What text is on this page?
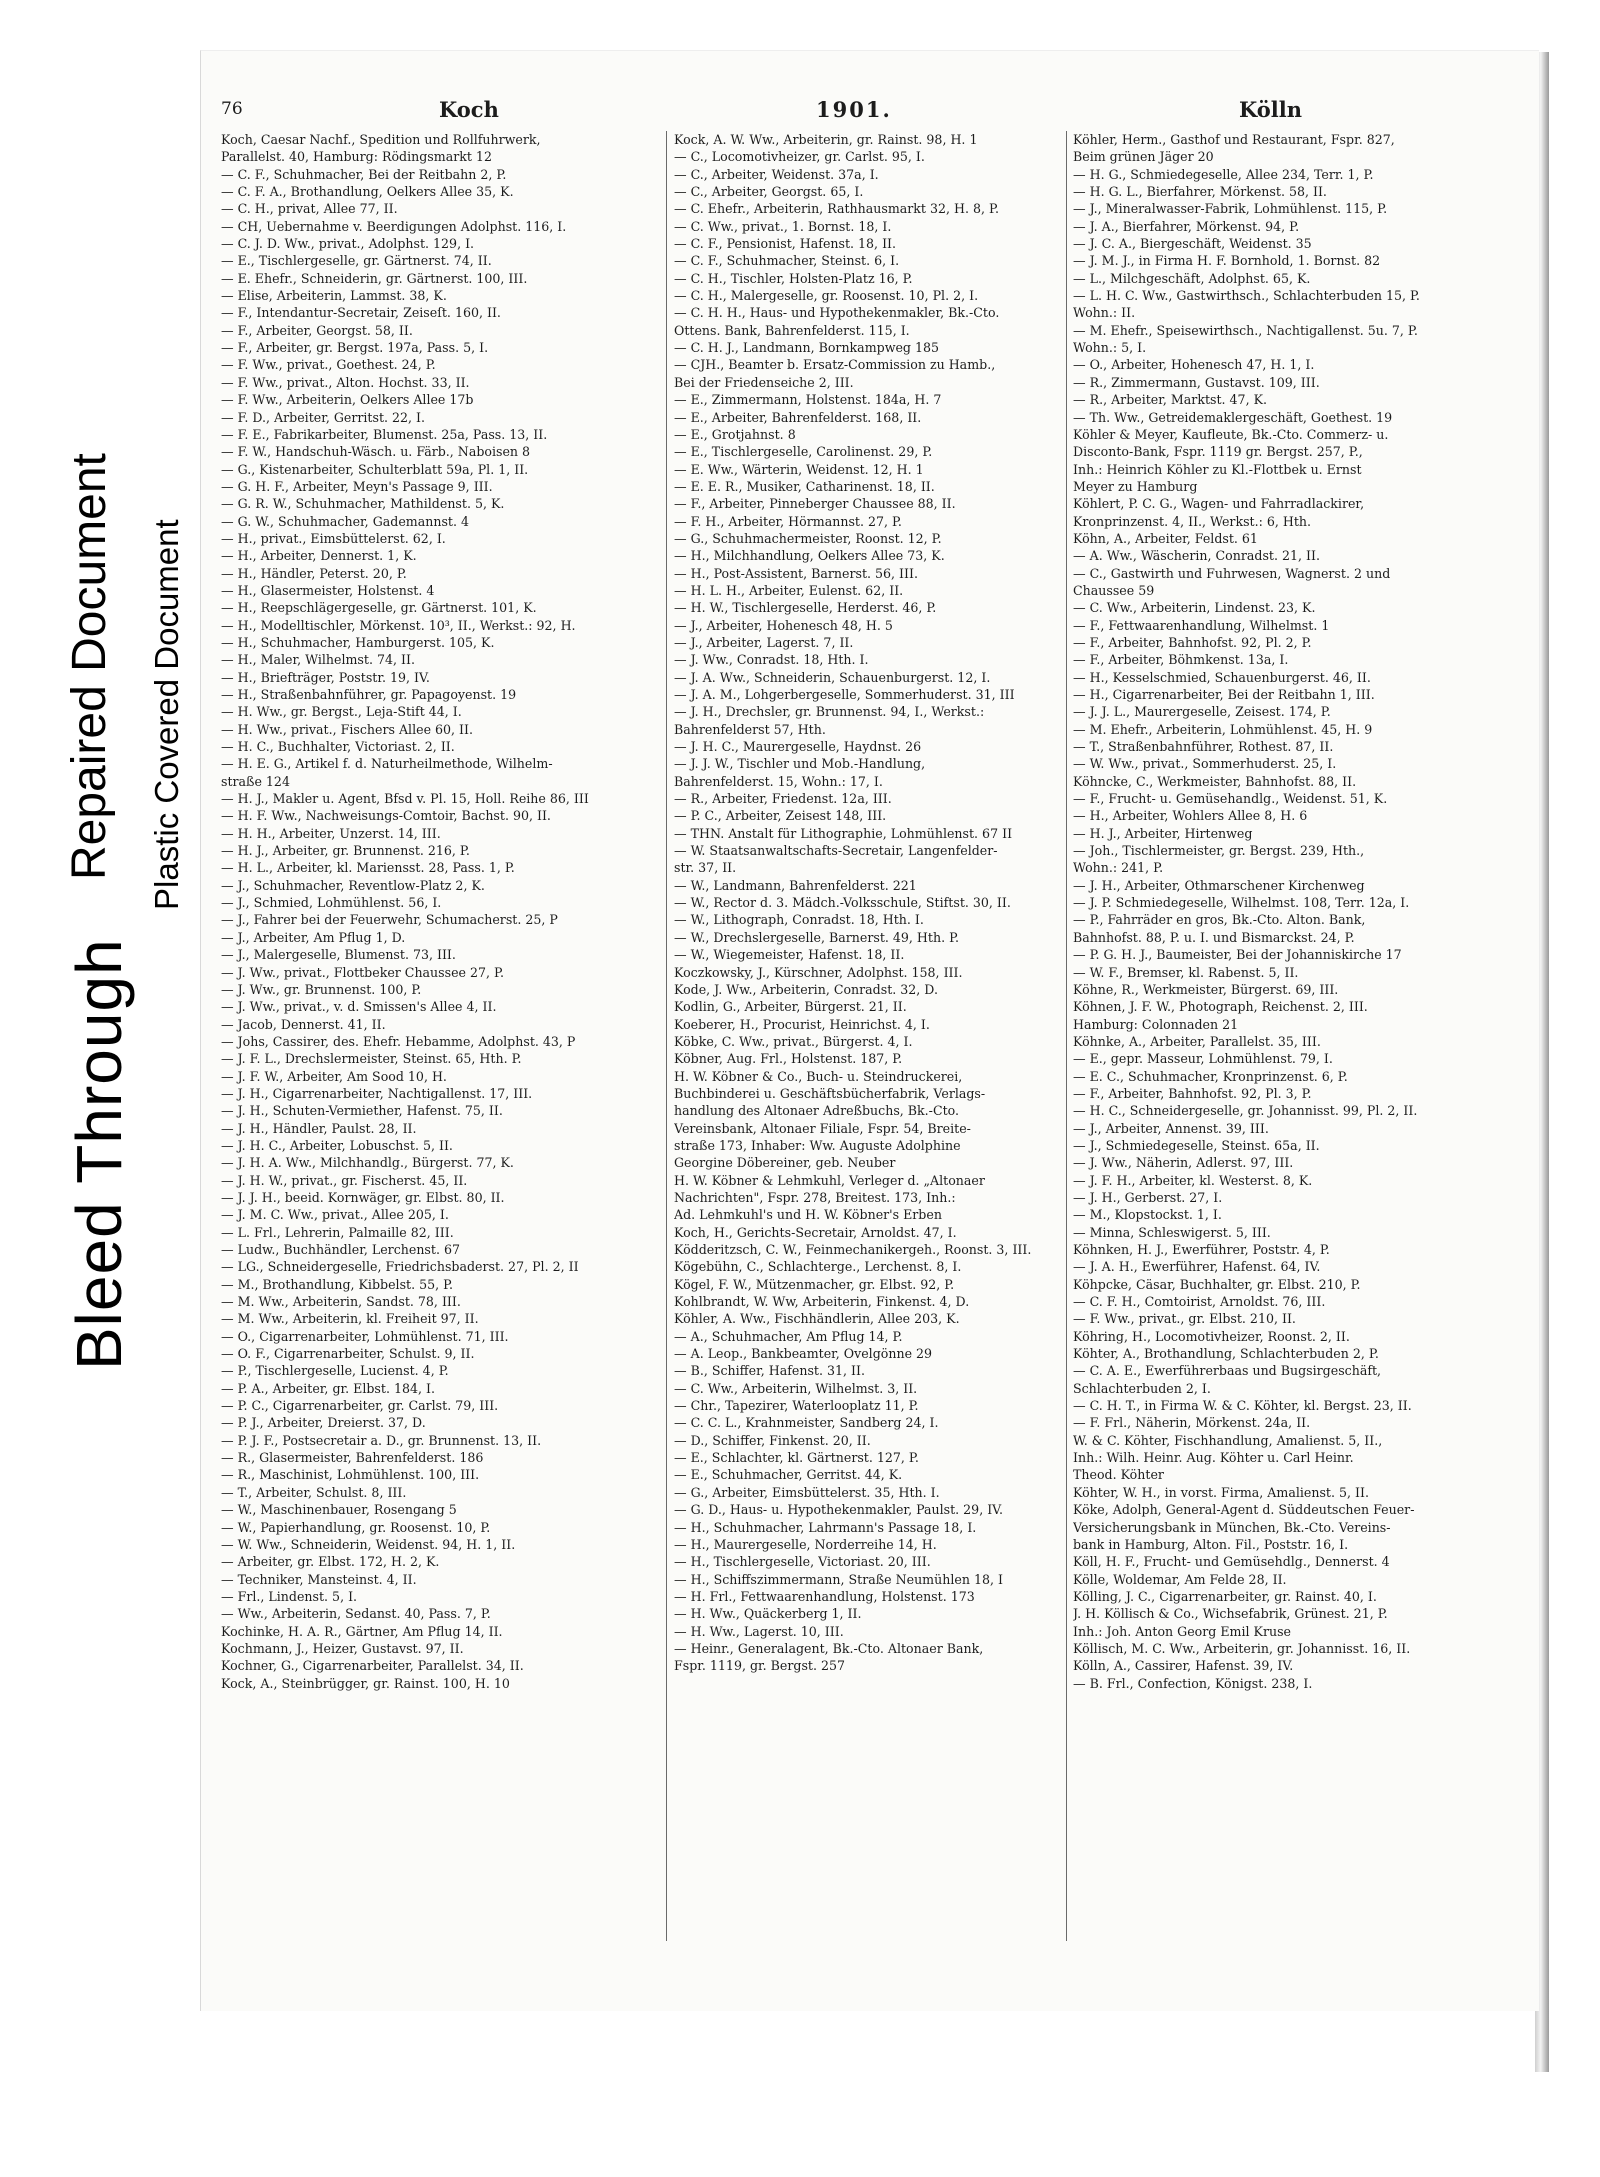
Bleed Through
Repaired Document Plastic Covered Document
76	Koch	1901.	Kölln

Koch, Caesar Nachf., Spedition und Rollfuhrwerk,

Parallelst. 40, Hamburg: Rödingsmarkt 12

— C. F., Schuhmacher, Bei der Reitbahn 2, P.

— C. F. A., Brothandlung, Oelkers Allee 35, K.

— C. H., privat, Allee 77, II.

— CH, Uebernahme v. Beerdigungen Adolphst. 116, I.

— C. J. D. Ww., privat., Adolphst. 129, I.

— E., Tischlergeselle, gr. Gärtnerst. 74, II.

— E. Ehefr., Schneiderin, gr. Gärtnerst. 100, III.

— Elise, Arbeiterin, Lammst. 38, K.

— F., Intendantur-Secretair, Zeiseſt. 160, II.

— F., Arbeiter, Georgst. 58, II.

— F., Arbeiter, gr. Bergst. 197a, Pass. 5, I.

— F. Ww., privat., Goethest. 24, P.

— F. Ww., privat., Alton. Hochst. 33, II.

— F. Ww., Arbeiterin, Oelkers Allee 17b

— F. D., Arbeiter, Gerritst. 22, I.

— F. E., Fabrikarbeiter, Blumenst. 25a, Pass. 13, II.

— F. W., Handschuh-Wäsch. u. Färb., Naboisen 8

— G., Kistenarbeiter, Schulterblatt 59a, Pl. 1, II.

— G. H. F., Arbeiter, Meyn's Passage 9, III.

— G. R. W., Schuhmacher, Mathildenst. 5, K.

— G. W., Schuhmacher, Gademannst. 4

— H., privat., Eimsbüttelerst. 62, I.

— H., Arbeiter, Dennerst. 1, K.

— H., Händler, Peterst. 20, P.

— H., Glasermeister, Holstenst. 4

— H., Reepschlägergeselle, gr. Gärtnerst. 101, K.

— H., Modelltischler, Mörkenst. 10³, II., Werkst.: 92, H.

— H., Schuhmacher, Hamburgerst. 105, K.

— H., Maler, Wilhelmst. 74, II.

— H., Briefträger, Poststr. 19, IV.

— H., Straßenbahnführer, gr. Papagoyenst. 19

— H. Ww., gr. Bergst., Leja-Stift 44, I.

— H. Ww., privat., Fischers Allee 60, II.

— H. C., Buchhalter, Victoriast. 2, II.

— H. E. G., Artikel f. d. Naturheilmethode, Wilhelm-

straße 124

— H. J., Makler u. Agent, Bfsd v. Pl. 15, Holl. Reihe 86, III

— H. F. Ww., Nachweisungs-Comtoir, Bachst. 90, II.

— H. H., Arbeiter, Unzerst. 14, III.

— H. J., Arbeiter, gr. Brunnenst. 216, P.

— H. L., Arbeiter, kl. Mariensst. 28, Pass. 1, P.

— J., Schuhmacher, Reventlow-Platz 2, K.

— J., Schmied, Lohmühlenst. 56, I.

— J., Fahrer bei der Feuerwehr, Schumacherst. 25, P

— J., Arbeiter, Am Pflug 1, D.

— J., Malergeselle, Blumenst. 73, III.

— J. Ww., privat., Flottbeker Chaussee 27, P.

— J. Ww., gr. Brunnenst. 100, P.

— J. Ww., privat., v. d. Smissen's Allee 4, II.

— Jacob, Dennerst. 41, II.

— Johs, Cassirer, des. Ehefr. Hebamme, Adolphst. 43, P

— J. F. L., Drechslermeister, Steinst. 65, Hth. P.

— J. F. W., Arbeiter, Am Sood 10, H.

— J. H., Cigarrenarbeiter, Nachtigallenst. 17, III.

— J. H., Schuten-Vermiether, Hafenst. 75, II.

— J. H., Händler, Paulst. 28, II.

— J. H. C., Arbeiter, Lobuschst. 5, II.

— J. H. A. Ww., Milchhandlg., Bürgerst. 77, K.

— J. H. W., privat., gr. Fischerst. 45, II.

— J. J. H., beeid. Kornwäger, gr. Elbst. 80, II.

— J. M. C. Ww., privat., Allee 205, I.

— L. Frl., Lehrerin, Palmaille 82, III.

— Ludw., Buchhändler, Lerchenst. 67

— LG., Schneidergeselle, Friedrichsbaderst. 27, Pl. 2, II

— M., Brothandlung, Kibbelst. 55, P.

— M. Ww., Arbeiterin, Sandst. 78, III.

— M. Ww., Arbeiterin, kl. Freiheit 97, II.

— O., Cigarrenarbeiter, Lohmühlenst. 71, III.

— O. F., Cigarrenarbeiter, Schulst. 9, II.

— P., Tischlergeselle, Lucienst. 4, P.

— P. A., Arbeiter, gr. Elbst. 184, I.

— P. C., Cigarrenarbeiter, gr. Carlst. 79, III.

— P. J., Arbeiter, Dreierst. 37, D.

— P. J. F., Postsecretair a. D., gr. Brunnenst. 13, II.

— R., Glasermeister, Bahrenfelderst. 186

— R., Maschinist, Lohmühlenst. 100, III.

— T., Arbeiter, Schulst. 8, III.

— W., Maschinenbauer, Rosengang 5

— W., Papierhandlung, gr. Roosenst. 10, P.

— W. Ww., Schneiderin, Weidenst. 94, H. 1, II.

— Arbeiter, gr. Elbst. 172, H. 2, K.

— Techniker, Mansteinst. 4, II.

— Frl., Lindenst. 5, I.

— Ww., Arbeiterin, Sedanst. 40, Pass. 7, P.

Kochinke, H. A. R., Gärtner, Am Pflug 14, II.

Kochmann, J., Heizer, Gustavst. 97, II.

Kochner, G., Cigarrenarbeiter, Parallelst. 34, II.

Kock, A., Steinbrügger, gr. Rainst. 100, H. 10

Kock, A. W. Ww., Arbeiterin, gr. Rainst. 98, H. 1

— C., Locomotivheizer, gr. Carlst. 95, I.

— C., Arbeiter, Weidenst. 37a, I.

— C., Arbeiter, Georgst. 65, I.

— C. Ehefr., Arbeiterin, Rathhausmarkt 32, H. 8, P.

— C. Ww., privat., 1. Bornst. 18, I.

— C. F., Pensionist, Hafenst. 18, II.

— C. F., Schuhmacher, Steinst. 6, I.

— C. H., Tischler, Holsten-Platz 16, P.

— C. H., Malergeselle, gr. Roosenst. 10, Pl. 2, I.

— C. H. H., Haus- und Hypothekenmakler, Bk.-Cto.

Ottens. Bank, Bahrenfelderst. 115, I.

— C. H. J., Landmann, Bornkampweg 185

— CJH., Beamter b. Ersatz-Commission zu Hamb.,

Bei der Friedenseiche 2, III.

— E., Zimmermann, Holstenst. 184a, H. 7

— E., Arbeiter, Bahrenfelderst. 168, II.

— E., Grotjahnst. 8

— E., Tischlergeselle, Carolinenst. 29, P.

— E. Ww., Wärterin, Weidenst. 12, H. 1

— E. E. R., Musiker, Catharinenst. 18, II.

— F., Arbeiter, Pinneberger Chaussee 88, II.

— F. H., Arbeiter, Hörmannst. 27, P.

— G., Schuhmachermeister, Roonst. 12, P.

— H., Milchhandlung, Oelkers Allee 73, K.

— H., Post-Assistent, Barnerst. 56, III.

— H. L. H., Arbeiter, Eulenst. 62, II.

— H. W., Tischlergeselle, Herderst. 46, P.

— J., Arbeiter, Hohenesch 48, H. 5

— J., Arbeiter, Lagerst. 7, II.

— J. Ww., Conradst. 18, Hth. I.

— J. A. Ww., Schneiderin, Schauenburgerst. 12, I.

— J. A. M., Lohgerbergeselle, Sommerhuderst. 31, III

— J. H., Drechsler, gr. Brunnenst. 94, I., Werkst.:

Bahrenfelderst 57, Hth.

— J. H. C., Maurergeselle, Haydnst. 26

— J. J. W., Tischler und Mob.-Handlung,

Bahrenfelderst. 15, Wohn.: 17, I.

— R., Arbeiter, Friedenst. 12a, III.

— P. C., Arbeiter, Zeisest 148, III.

— THN. Anstalt für Lithographie, Lohmühlenst. 67 II

— W. Staatsanwaltschafts-Secretair, Langenfelder-

str. 37, II.

— W., Landmann, Bahrenfelderst. 221

— W., Rector d. 3. Mädch.-Volksschule, Stiftst. 30, II.

— W., Lithograph, Conradst. 18, Hth. I.

— W., Drechslergeselle, Barnerst. 49, Hth. P.

— W., Wiegemeister, Hafenst. 18, II.

Koczkowsky, J., Kürschner, Adolphst. 158, III.

Kode, J. Ww., Arbeiterin, Conradst. 32, D.

Kodlin, G., Arbeiter, Bürgerst. 21, II.

Koeberer, H., Procurist, Heinrichst. 4, I.

Köbke, C. Ww., privat., Bürgerst. 4, I.

Köbner, Aug. Frl., Holstenst. 187, P.

H. W. Köbner & Co., Buch- u. Steindruckerei,

Buchbinderei u. Geschäftsbücherfabrik, Verlags-

handlung des Altonaer Adreßbuchs, Bk.-Cto.

Vereinsbank, Altonaer Filiale, Fspr. 54, Breite-

straße 173, Inhaber: Ww. Auguste Adolphine

Georgine Döbereiner, geb. Neuber

H. W. Köbner & Lehmkuhl, Verleger d. „Altonaer

Nachrichten", Fspr. 278, Breitest. 173, Inh.:

Ad. Lehmkuhl's und H. W. Köbner's Erben

Koch, H., Gerichts-Secretair, Arnoldst. 47, I.

Ködderitzsch, C. W., Feinmechanikergeh., Roonst. 3, III.

Kögebühn, C., Schlachterge., Lerchenst. 8, I.

Kögel, F. W., Mützenmacher, gr. Elbst. 92, P.

Kohlbrandt, W. Ww, Arbeiterin, Finkenst. 4, D.

Köhler, A. Ww., Fischhändlerin, Allee 203, K.

— A., Schuhmacher, Am Pflug 14, P.

— A. Leop., Bankbeamter, Ovelgönne 29

— B., Schiffer, Hafenst. 31, II.

— C. Ww., Arbeiterin, Wilhelmst. 3, II.

— Chr., Tapezirer, Waterlooplatz 11, P.

— C. C. L., Krahnmeister, Sandberg 24, I.

— D., Schiffer, Finkenst. 20, II.

— E., Schlachter, kl. Gärtnerst. 127, P.

— E., Schuhmacher, Gerritst. 44, K.

— G., Arbeiter, Eimsbüttelerst. 35, Hth. I.

— G. D., Haus- u. Hypothekenmakler, Paulst. 29, IV.

— H., Schuhmacher, Lahrmann's Passage 18, I.

— H., Maurergeselle, Norderreihe 14, H.

— H., Tischlergeselle, Victoriast. 20, III.

— H., Schiffszimmermann, Straße Neumühlen 18, I

— H. Frl., Fettwaarenhandlung, Holstenst. 173

— H. Ww., Quäckerberg 1, II.

— H. Ww., Lagerst. 10, III.

— Heinr., Generalagent, Bk.-Cto. Altonaer Bank,

Fspr. 1119, gr. Bergst. 257

Köhler, Herm., Gasthof und Restaurant, Fspr. 827,

Beim grünen Jäger 20

— H. G., Schmiedegeselle, Allee 234, Terr. 1, P.

— H. G. L., Bierfahrer, Mörkenst. 58, II.

— J., Mineralwasser-Fabrik, Lohmühlenst. 115, P.

— J. A., Bierfahrer, Mörkenst. 94, P.

— J. C. A., Biergeschäft, Weidenst. 35

— J. M. J., in Firma H. F. Bornhold, 1. Bornst. 82

— L., Milchgeschäft, Adolphst. 65, K.

— L. H. C. Ww., Gastwirthsch., Schlachterbuden 15, P.

Wohn.: II.

— M. Ehefr., Speisewirthsch., Nachtigallenst. 5u. 7, P.

Wohn.: 5, I.

— O., Arbeiter, Hohenesch 47, H. 1, I.

— R., Zimmermann, Gustavst. 109, III.

— R., Arbeiter, Marktst. 47, K.

— Th. Ww., Getreidemaklergeschäft, Goethest. 19

Köhler & Meyer, Kaufleute, Bk.-Cto. Commerz- u.

Disconto-Bank, Fspr. 1119 gr. Bergst. 257, P.,

Inh.: Heinrich Köhler zu Kl.-Flottbek u. Ernst

Meyer zu Hamburg

Köhlert, P. C. G., Wagen- und Fahrradlackirer,

Kronprinzenst. 4, II., Werkst.: 6, Hth.

Köhn, A., Arbeiter, Feldst. 61

— A. Ww., Wäscherin, Conradst. 21, II.

— C., Gastwirth und Fuhrwesen, Wagnerst. 2 und

Chaussee 59

— C. Ww., Arbeiterin, Lindenst. 23, K.

— F., Fettwaarenhandlung, Wilhelmst. 1

— F., Arbeiter, Bahnhofst. 92, Pl. 2, P.

— F., Arbeiter, Böhmkenst. 13a, I.

— H., Kesselschmied, Schauenburgerst. 46, II.

— H., Cigarrenarbeiter, Bei der Reitbahn 1, III.

— J. J. L., Maurergeselle, Zeisest. 174, P.

— M. Ehefr., Arbeiterin, Lohmühlenst. 45, H. 9

— T., Straßenbahnführer, Rothest. 87, II.

— W. Ww., privat., Sommerhuderst. 25, I.

Köhncke, C., Werkmeister, Bahnhofst. 88, II.

— F., Frucht- u. Gemüsehandlg., Weidenst. 51, K.

— H., Arbeiter, Wohlers Allee 8, H. 6

— H. J., Arbeiter, Hirtenweg

— Joh., Tischlermeister, gr. Bergst. 239, Hth.,

Wohn.: 241, P.

— J. H., Arbeiter, Othmarschener Kirchenweg

— J. P. Schmiedegeselle, Wilhelmst. 108, Terr. 12a, I.

— P., Fahrräder en gros, Bk.-Cto. Alton. Bank,

Bahnhofst. 88, P. u. I. und Bismarckst. 24, P.

— P. G. H. J., Baumeister, Bei der Johanniskirche 17

— W. F., Bremser, kl. Rabenst. 5, II.

Köhne, R., Werkmeister, Bürgerst. 69, III.

Köhnen, J. F. W., Photograph, Reichenst. 2, III.

Hamburg: Colonnaden 21

Köhnke, A., Arbeiter, Parallelst. 35, III.

— E., gepr. Masseur, Lohmühlenst. 79, I.

— E. C., Schuhmacher, Kronprinzenst. 6, P.

— F., Arbeiter, Bahnhofst. 92, Pl. 3, P.

— H. C., Schneidergeselle, gr. Johannisst. 99, Pl. 2, II.

— J., Arbeiter, Annenst. 39, III.

— J., Schmiedegeselle, Steinst. 65a, II.

— J. Ww., Näherin, Adlerst. 97, III.

— J. F. H., Arbeiter, kl. Westerst. 8, K.

— J. H., Gerberst. 27, I.

— M., Klopstockst. 1, I.

— Minna, Schleswigerst. 5, III.

Köhnken, H. J., Ewerführer, Poststr. 4, P.

— J. A. H., Ewerführer, Hafenst. 64, IV.

Köhpcke, Cäsar, Buchhalter, gr. Elbst. 210, P.

— C. F. H., Comtoirist, Arnoldst. 76, III.

— F. Ww., privat., gr. Elbst. 210, II.

Köhring, H., Locomotivheizer, Roonst. 2, II.

Köhter, A., Brothandlung, Schlachterbuden 2, P.

— C. A. E., Ewerführerbaas und Bugsirgeschäft,

Schlachterbuden 2, I.

— C. H. T., in Firma W. & C. Köhter, kl. Bergst. 23, II.

— F. Frl., Näherin, Mörkenst. 24a, II.

W. & C. Köhter, Fischhandlung, Amalienst. 5, II.,

Inh.: Wilh. Heinr. Aug. Köhter u. Carl Heinr.

Theod. Köhter

Köhter, W. H., in vorst. Firma, Amalienst. 5, II.

Köke, Adolph, General-Agent d. Süddeutschen Feuer-

Versicherungsbank in München, Bk.-Cto. Vereins-

bank in Hamburg, Alton. Fil., Poststr. 16, I.

Köll, H. F., Frucht- und Gemüsehdlg., Dennerst. 4

Kölle, Woldemar, Am Felde 28, II.

Kölling, J. C., Cigarrenarbeiter, gr. Rainst. 40, I.

J. H. Köllisch & Co., Wichsefabrik, Grünest. 21, P.

Inh.: Joh. Anton Georg Emil Kruse

Köllisch, M. C. Ww., Arbeiterin, gr. Johannisst. 16, II.

Kölln, A., Cassirer, Hafenst. 39, IV.

— B. Frl., Confection, Königst. 238, I.
